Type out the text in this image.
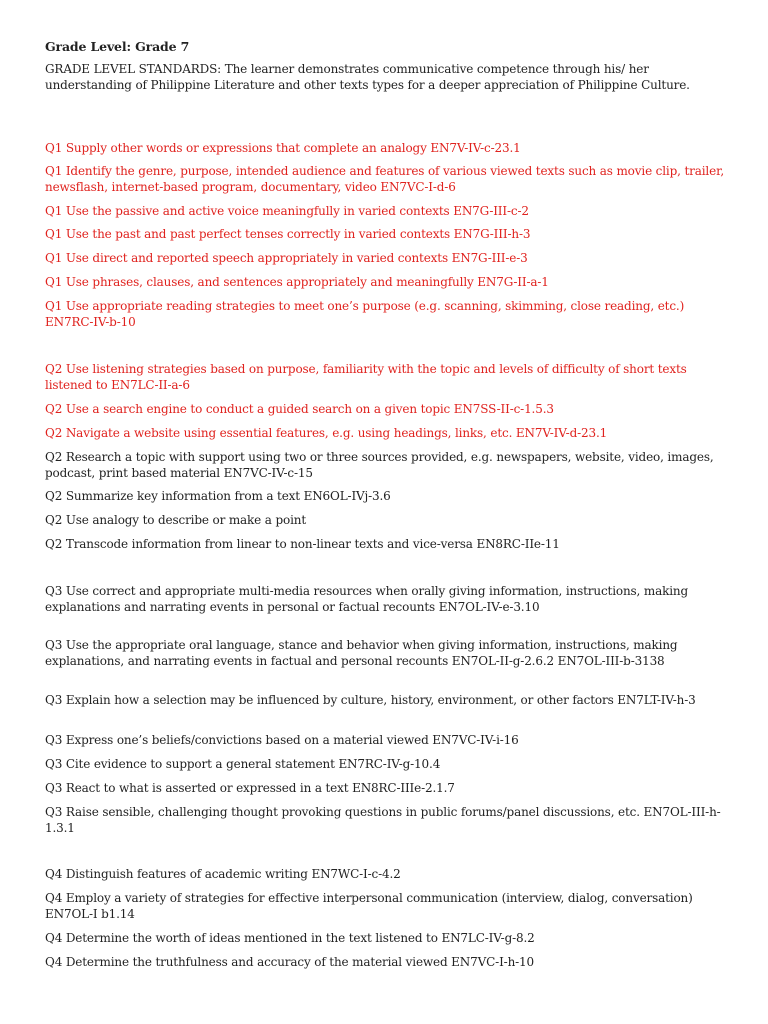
Grade Level: Grade 7
GRADE LEVEL STANDARDS: The learner demonstrates communicative competence through his/ her understanding of Philippine Literature and other texts types for a deeper appreciation of Philippine Culture.
Q1 Supply other words or expressions that complete an analogy EN7V-IV-c-23.1
Q1 Identify the genre, purpose, intended audience and features of various viewed texts such as movie clip, trailer, newsflash, internet-based program, documentary, video EN7VC-I-d-6
Q1 Use the passive and active voice meaningfully in varied contexts EN7G-III-c-2
Q1 Use the past and past perfect tenses correctly in varied contexts EN7G-III-h-3
Q1 Use direct and reported speech appropriately in varied contexts EN7G-III-e-3
Q1 Use phrases, clauses, and sentences appropriately and meaningfully EN7G-II-a-1
Q1 Use appropriate reading strategies to meet one’s purpose (e.g. scanning, skimming, close reading, etc.) EN7RC-IV-b-10
Q2 Use listening strategies based on purpose, familiarity with the topic and levels of difficulty of short texts listened to EN7LC-II-a-6
Q2 Use a search engine to conduct a guided search on a given topic EN7SS-II-c-1.5.3
Q2 Navigate a website using essential features, e.g. using headings, links, etc. EN7V-IV-d-23.1
Q2 Research a topic with support using two or three sources provided, e.g. newspapers, website, video, images, podcast, print based material EN7VC-IV-c-15
Q2 Summarize key information from a text EN6OL-IVj-3.6
Q2 Use analogy to describe or make a point
Q2 Transcode information from linear to non-linear texts and vice-versa EN8RC-IIe-11
Q3 Use correct and appropriate multi-media resources when orally giving information, instructions, making explanations and narrating events in personal or factual recounts EN7OL-IV-e-3.10
Q3 Use the appropriate oral language, stance and behavior when giving information, instructions, making explanations, and narrating events in factual and personal recounts EN7OL-II-g-2.6.2 EN7OL-III-b-3138
Q3 Explain how a selection may be influenced by culture, history, environment, or other factors EN7LT-IV-h-3
Q3 Express one’s beliefs/convictions based on a material viewed EN7VC-IV-i-16
Q3 Cite evidence to support a general statement EN7RC-IV-g-10.4
Q3 React to what is asserted or expressed in a text EN8RC-IIIe-2.1.7
Q3 Raise sensible, challenging thought provoking questions in public forums/panel discussions, etc. EN7OL-III-h-1.3.1
Q4 Distinguish features of academic writing EN7WC-I-c-4.2
Q4 Employ a variety of strategies for effective interpersonal communication (interview, dialog, conversation) EN7OL-I b1.14
Q4 Determine the worth of ideas mentioned in the text listened to EN7LC-IV-g-8.2
Q4 Determine the truthfulness and accuracy of the material viewed EN7VC-I-h-10
